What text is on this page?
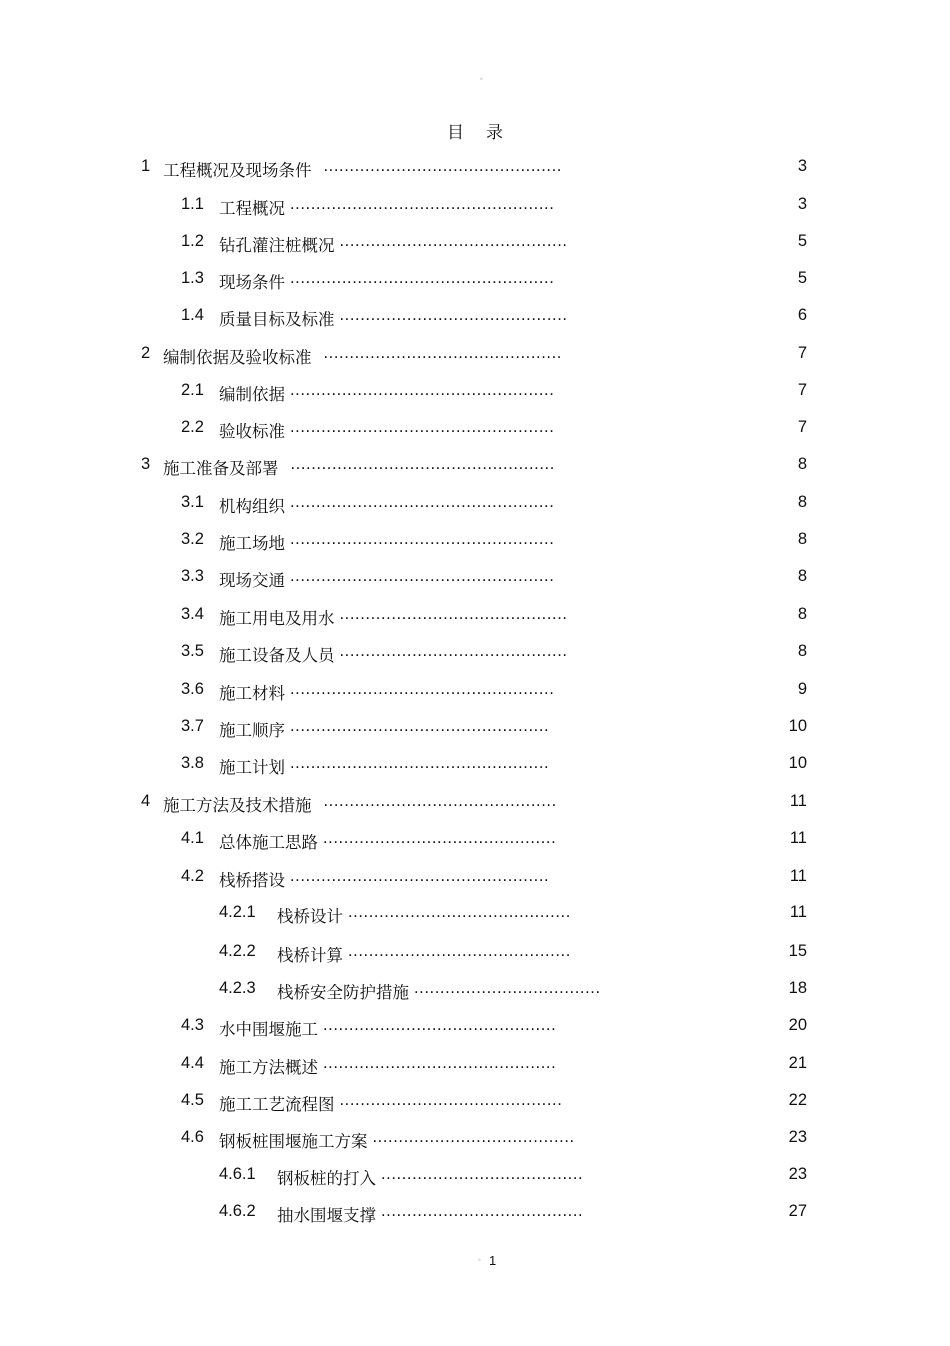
。
目录
1 工程概况及现场条件 ..............................................	3
1.1 工程概况 ...................................................	3
1.2 钻孔灌注桩概况 ............................................	5
1.3 现场条件 ...................................................	5
1.4 质量目标及标准 ............................................	6
2 编制依据及验收标准 ..............................................	7
2.1 编制依据 ...................................................	7
2.2 验收标准 ...................................................	7
3 施工准备及部署 ...................................................	8
3.1 机构组织 ...................................................	8
3.2 施工场地 ...................................................	8
3.3 现场交通 ...................................................	8
3.4 施工用电及用水 ............................................	8
3.5 施工设备及人员 ............................................	8
3.6 施工材料 ...................................................	9
3.7 施工顺序 ..................................................	10
3.8 施工计划 ..................................................	10
4 施工方法及技术措施 .............................................	11
4.1 总体施工思路 .............................................	11
4.2 栈桥搭设 ..................................................	11
4.2.1 栈桥设计 ...........................................	11
4.2.2 栈桥计算 ...........................................	15
4.2.3 栈桥安全防护措施 ....................................	18
4.3 水中围堰施工 .............................................	20
4.4 施工方法概述 .............................................	21
4.5 施工工艺流程图 ...........................................	22
4.6 钢板桩围堰施工方案 .......................................	23
4.6.1 钢板桩的打入 .......................................	23
4.6.2 抽水围堰支撑 .......................................	27
。 1
